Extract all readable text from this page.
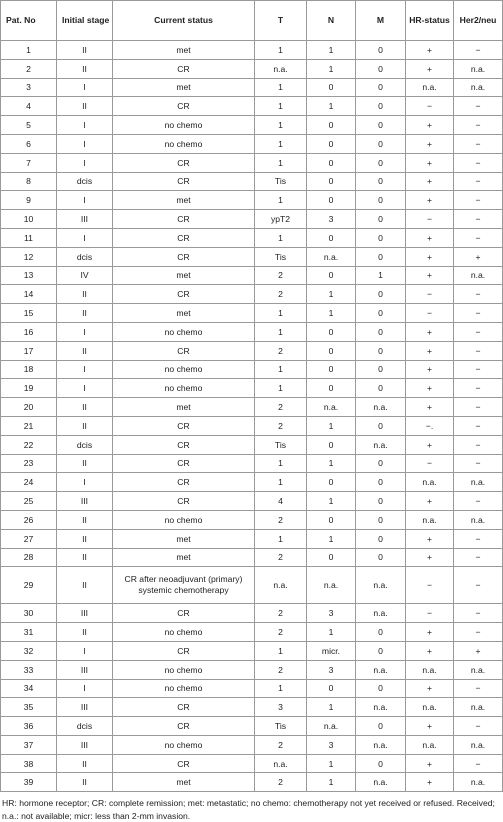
Pat. No	Initial stage	Current status	T	N	M	HR-status	Her2/neu
1	II	met	1	1	0	+	−
2	II	CR	n.a.	1	0	+	n.a.
3	I	met	1	0	0	n.a.	n.a.
4	II	CR	1	1	0	−	−
5	I	no chemo	1	0	0	+	−
6	I	no chemo	1	0	0	+	−
7	I	CR	1	0	0	+	−
8	dcis	CR	Tis	0	0	+	−
9	I	met	1	0	0	+	−
10	III	CR	ypT2	3	0	−	−
11	I	CR	1	0	0	+	−
12	dcis	CR	Tis	n.a.	0	+	+
13	IV	met	2	0	1	+	n.a.
14	II	CR	2	1	0	−	−
15	II	met	1	1	0	−	−
16	I	no chemo	1	0	0	+	−
17	II	CR	2	0	0	+	−
18	I	no chemo	1	0	0	+	−
19	I	no chemo	1	0	0	+	−
20	II	met	2	n.a.	n.a.	+	−
21	II	CR	2	1	0	−.	−
22	dcis	CR	Tis	0	n.a.	+	−
23	II	CR	1	1	0	−	−
24	I	CR	1	0	0	n.a.	n.a.
25	III	CR	4	1	0	+	−
26	II	no chemo	2	0	0	n.a.	n.a.
27	II	met	1	1	0	+	−
28	II	met	2	0	0	+	−
29	II	CR after neoadjuvant (primary) systemic chemotherapy	n.a.	n.a.	n.a.	−	−
30	III	CR	2	3	n.a.	−	−
31	II	no chemo	2	1	0	+	−
32	I	CR	1	micr.	0	+	+
33	III	no chemo	2	3	n.a.	n.a.	n.a.
34	I	no chemo	1	0	0	+	−
35	III	CR	3	1	n.a.	n.a.	n.a.
36	dcis	CR	Tis	n.a.	0	+	−
37	III	no chemo	2	3	n.a.	n.a.	n.a.
38	II	CR	n.a.	1	0	+	−
39	II	met	2	1	n.a.	+	n.a.
HR: hormone receptor; CR: complete remission; met: metastatic; no chemo: chemotherapy not yet received or refused. Received; n.a.: not available; micr: less than 2-mm invasion.
